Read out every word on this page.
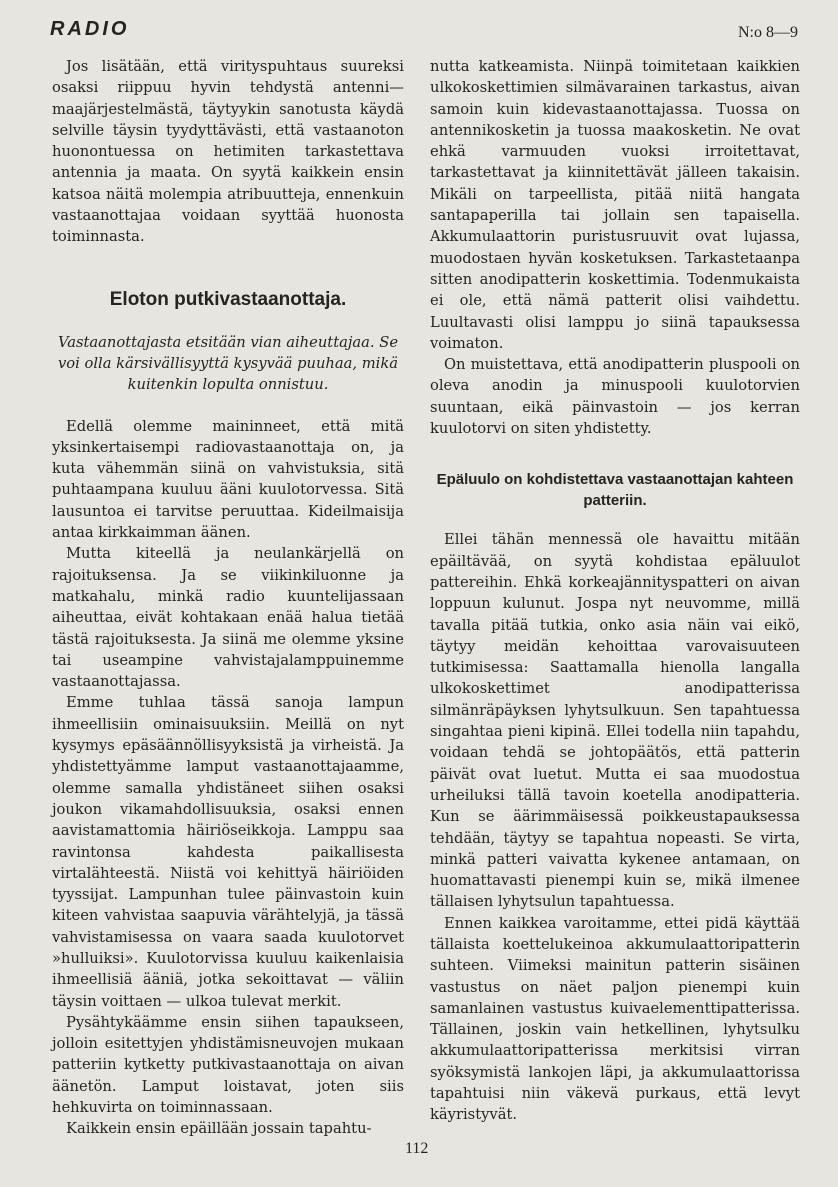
RADIO	N:o 8—9

Jos lisätään, että virityspuhtaus suureksi osaksi riippuu hyvin tehdystä antenni—maajärjestelmästä, täytyykin sanotusta käydä selville täysin tyydyttävästi, että vastaanoton huonontuessa on hetimiten tarkastettava antennia ja maata. On syytä kaikkein ensin katsoa näitä molempia atribuutteja, ennenkuin vastaanottajaa voidaan syyttää huonosta toiminnasta.

Eloton putkivastaanottaja.

Vastaanottajasta etsitään vian aiheuttajaa. Se voi olla kärsivällisyyttä kysyvää puuhaa, mikä kuitenkin lopulta onnistuu.

Edellä olemme maininneet, että mitä yksinkertaisempi radiovastaanottaja on, ja kuta vähemmän siinä on vahvistuksia, sitä puhtaampana kuuluu ääni kuulotorvessa. Sitä lausuntoa ei tarvitse peruuttaa. Kideilmaisija antaa kirkkaimman äänen.

Mutta kiteellä ja neulankärjellä on rajoituksensa. Ja se viikinkiluonne ja matkahalu, minkä radio kuuntelijassaan aiheuttaa, eivät kohtakaan enää halua tietää tästä rajoituksesta. Ja siinä me olemme yksine tai useampine vahvistajalamppuinemme vastaanottajassa.

Emme tuhlaa tässä sanoja lampun ihmeellisiin ominaisuuksiin. Meillä on nyt kysymys epäsäännöllisyyksistä ja virheistä. Ja yhdistettyämme lamput vastaanottajaamme, olemme samalla yhdistäneet siihen osaksi joukon vikamahdollisuuksia, osaksi ennen aavistamattomia häiriöseikkoja. Lamppu saa ravintonsa kahdesta paikallisesta virtalähteestä. Niistä voi kehittyä häiriöiden tyyssijat. Lampunhan tulee päinvastoin kuin kiteen vahvistaa saapuvia värähtelyjä, ja tässä vahvistamisessa on vaara saada kuulotorvet »hulluiksi». Kuulotorvissa kuuluu kaikenlaisia ihmeellisiä ääniä, jotka sekoittavat — väliin täysin voittaen — ulkoa tulevat merkit.

Pysähtykäämme ensin siihen tapaukseen, jolloin esitettyjen yhdistämisneuvojen mukaan patteriin kytketty putkivastaanottaja on aivan äänetön. Lamput loistavat, joten siis hehkuvirta on toiminnassaan.

Kaikkein ensin epäillään jossain tapahtu-

nutta katkeamista. Niinpä toimitetaan kaikkien ulkokoskettimien silmävarainen tarkastus, aivan samoin kuin kidevastaanottajassa. Tuossa on antennikosketin ja tuossa maakosketin. Ne ovat ehkä varmuuden vuoksi irroitettavat, tarkastettavat ja kiinnitettävät jälleen takaisin. Mikäli on tarpeellista, pitää niitä hangata santapaperilla tai jollain sen tapaisella. Akkumulaattorin puristusruuvit ovat lujassa, muodostaen hyvän kosketuksen. Tarkastetaanpa sitten anodipatterin koskettimia. Todenmukaista ei ole, että nämä patterit olisi vaihdettu. Luultavasti olisi lamppu jo siinä tapauksessa voimaton.

On muistettava, että anodipatterin pluspooli on oleva anodin ja minuspooli kuulotorvien suuntaan, eikä päinvastoin — jos kerran kuulotorvi on siten yhdistetty.

Epäluulo on kohdistettava vastaanottajan kahteen patteriin.

Ellei tähän mennessä ole havaittu mitään epäiltävää, on syytä kohdistaa epäluulot pattereihin. Ehkä korkeajännityspatteri on aivan loppuun kulunut. Jospa nyt neuvomme, millä tavalla pitää tutkia, onko asia näin vai eikö, täytyy meidän kehoittaa varovaisuuteen tutkimisessa: Saattamalla hienolla langalla ulkokoskettimet anodipatterissa silmänräpäyksen lyhytsulkuun. Sen tapahtuessa singahtaa pieni kipinä. Ellei todella niin tapahdu, voidaan tehdä se johtopäätös, että patterin päivät ovat luetut. Mutta ei saa muodostua urheiluksi tällä tavoin koetella anodipatteria. Kun se äärimmäisessä poikkeustapauksessa tehdään, täytyy se tapahtua nopeasti. Se virta, minkä patteri vaivatta kykenee antamaan, on huomattavasti pienempi kuin se, mikä ilmenee tällaisen lyhytsulun tapahtuessa.

Ennen kaikkea varoitamme, ettei pidä käyttää tällaista koettelukeinoa akkumulaattoripatterin suhteen. Viimeksi mainitun patterin sisäinen vastustus on näet paljon pienempi kuin samanlainen vastustus kuivaelementtipatterissa. Tällainen, joskin vain hetkellinen, lyhytsulku akkumulaattoripatterissa merkitsisi virran syöksymistä lankojen läpi, ja akkumulaattorissa tapahtuisi niin väkevä purkaus, että levyt käyristyvät.

112
